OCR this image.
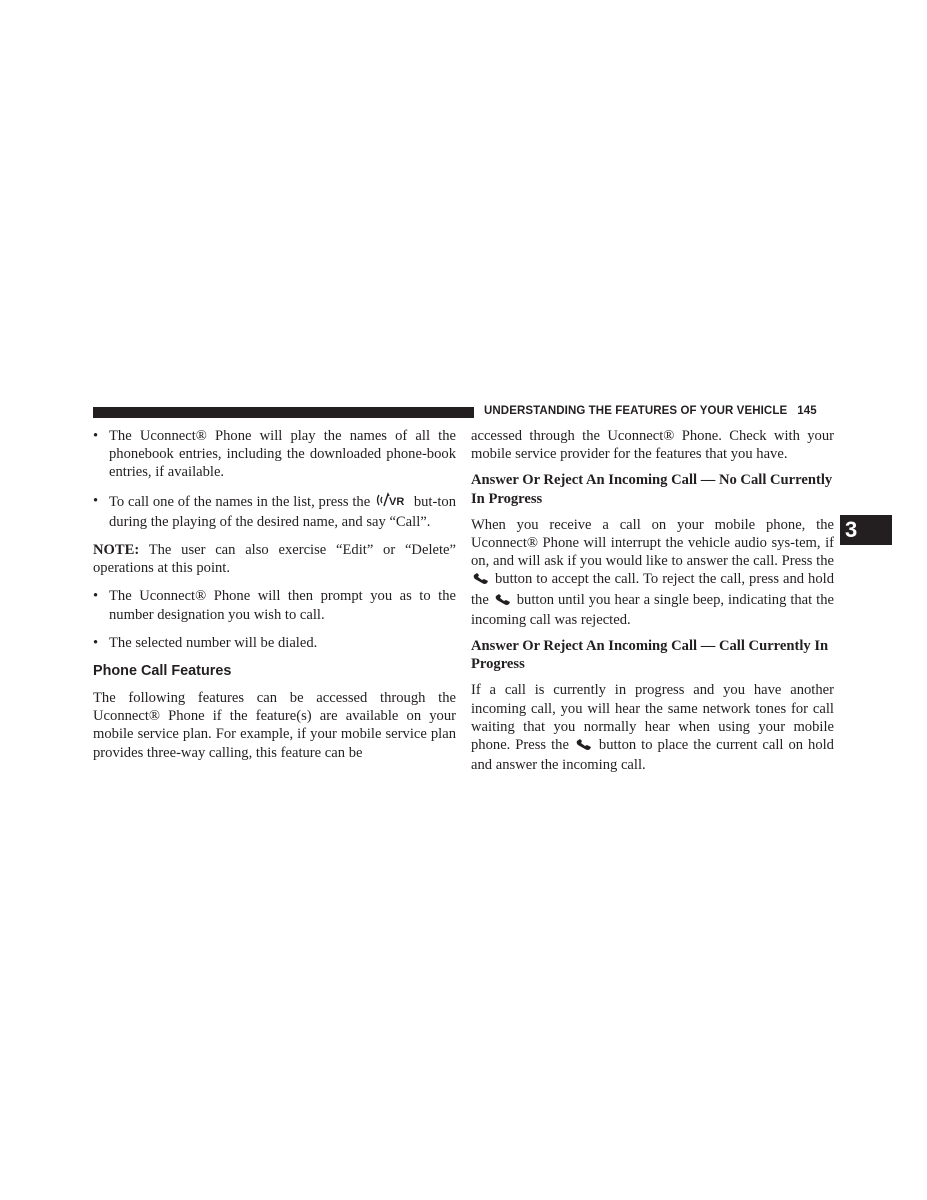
UNDERSTANDING THE FEATURES OF YOUR VEHICLE 145
3
• The Uconnect® Phone will play the names of all the phonebook entries, including the downloaded phone-book entries, if available.
• To call one of the names in the list, press the VR but-ton during the playing of the desired name, and say “Call”.

NOTE: The user can also exercise “Edit” or “Delete” operations at this point.

• The Uconnect® Phone will then prompt you as to the number designation you wish to call.
• The selected number will be dialed.
Phone Call Features

The following features can be accessed through the Uconnect® Phone if the feature(s) are available on your mobile service plan. For example, if your mobile service plan provides three-way calling, this feature can be

accessed through the Uconnect® Phone. Check with your mobile service provider for the features that you have.

Answer Or Reject An Incoming Call — No Call Currently In Progress

When you receive a call on your mobile phone, the Uconnect® Phone will interrupt the vehicle audio sys-tem, if on, and will ask if you would like to answer the call. Press the  button to accept the call. To reject the call, press and hold the button until you hear a single beep, indicating that the incoming call was rejected.

Answer Or Reject An Incoming Call — Call Currently In Progress

If a call is currently in progress and you have another incoming call, you will hear the same network tones for call waiting that you normally hear when using your mobile phone. Press the button to place the current call on hold and answer the incoming call.
